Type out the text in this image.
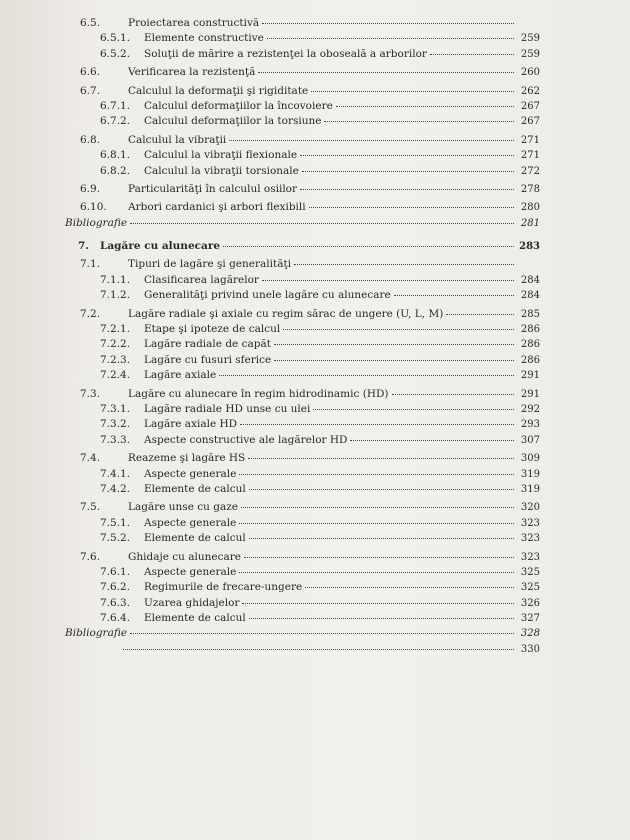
6.5.	Proiectarea constructivă
6.5.1.	Elemente constructive	259
6.5.2.	Soluţii de mărire a rezistenţei la oboseală a arborilor	259
6.6.	Verificarea la rezistenţă	260
6.7.	Calculul la deformaţii şi rigiditate	262
6.7.1.	Calculul deformaţiilor la încovoiere	267
6.7.2.	Calculul deformaţiilor la torsiune	267
6.8.	Calculul la vibraţii	271
6.8.1.	Calculul la vibraţii flexionale	271
6.8.2.	Calculul la vibraţii torsionale	272
6.9.	Particularităţi în calculul osiilor	278
6.10.	Arbori cardanici şi arbori flexibili	280
Bibliografie	281
7.	Lagăre cu alunecare	283
7.1.	Tipuri de lagăre şi generalităţi
7.1.1.	Clasificarea lagărelor	284
7.1.2.	Generalităţi privind unele lagăre cu alunecare	284
7.2.	Lagăre radiale şi axiale cu regim sărac de ungere (U, L, M)	285
7.2.1.	Etape şi ipoteze de calcul	286
7.2.2.	Lagăre radiale de capăt	286
7.2.3.	Lagăre cu fusuri sferice	286
7.2.4.	Lagăre axiale	291
7.3.	Lagăre cu alunecare în regim hidrodinamic (HD)	291
7.3.1.	Lagăre radiale HD unse cu ulei	292
7.3.2.	Lagăre axiale HD	293
7.3.3.	Aspecte constructive ale lagărelor HD	307
7.4.	Reazeme şi lagăre HS	309
7.4.1.	Aspecte generale	319
7.4.2.	Elemente de calcul	319
7.5.	Lagăre unse cu gaze	320
7.5.1.	Aspecte generale	323
7.5.2.	Elemente de calcul	323
7.6.	Ghidaje cu alunecare	323
7.6.1.	Aspecte generale	325
7.6.2.	Regimurile de frecare-ungere	325
7.6.3.	Uzarea ghidajelor	326
7.6.4.	Elemente de calcul	327
Bibliografie	328
330
